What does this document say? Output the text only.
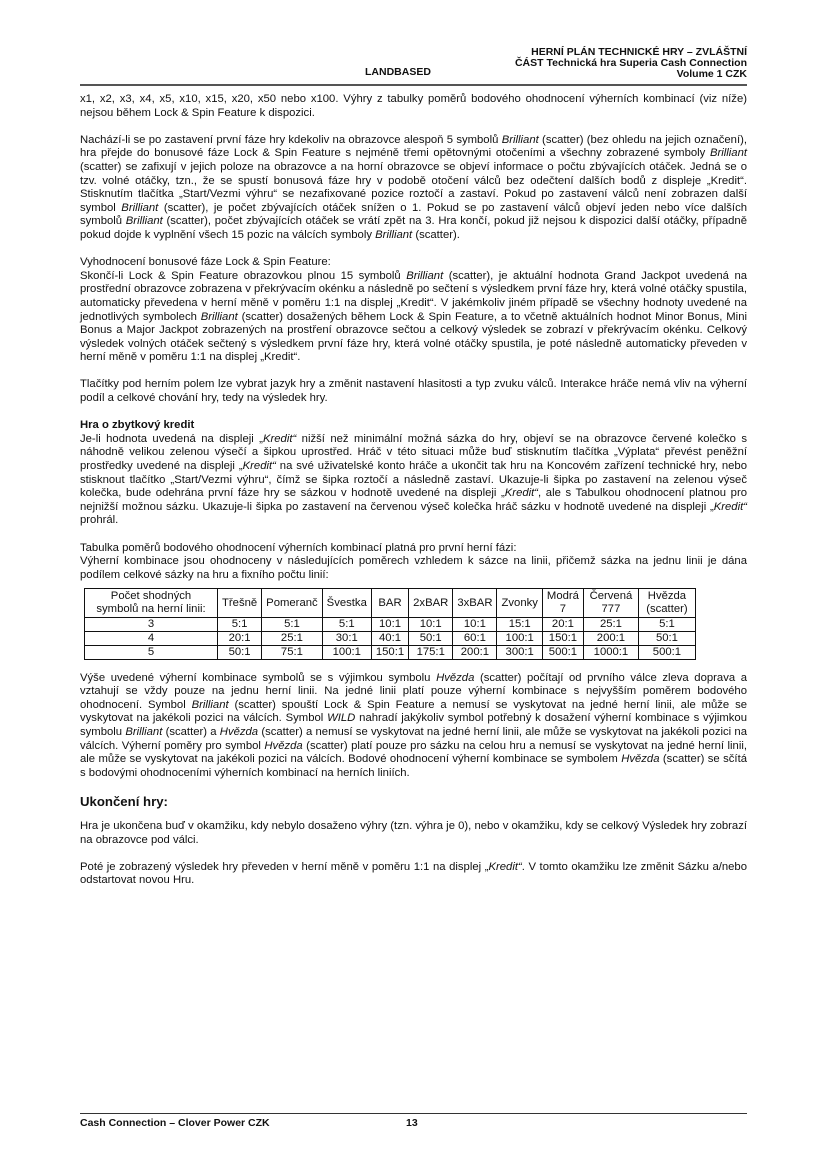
LANDBASED
HERNÍ PLÁN TECHNICKÉ HRY – ZVLÁŠTNÍ
ČÁST Technická hra Superia Cash Connection
Volume 1 CZK

x1, x2, x3, x4, x5, x10, x15, x20, x50 nebo x100. Výhry z tabulky poměrů bodového ohodnocení výherních kombinací (viz níže) nejsou během Lock & Spin Feature k dispozici.

Nachází-li se po zastavení první fáze hry kdekoliv na obrazovce alespoň 5 symbolů Brilliant (scatter) (bez ohledu na jejich označení), hra přejde do bonusové fáze Lock & Spin Feature s nejméně třemi opětovnými otočeními a všechny zobrazené symboly Brilliant (scatter) se zafixují v jejich poloze na obrazovce a na horní obrazovce se objeví informace o počtu zbývajících otáček. Jedná se o tzv. volné otáčky, tzn., že se spustí bonusová fáze hry v podobě otočení válců bez odečtení dalších bodů z displeje „Kredit“. Stisknutím tlačítka „Start/Vezmi výhru“ se nezafixované pozice roztočí a zastaví. Pokud po zastavení válců není zobrazen další symbol Brilliant (scatter), je počet zbývajících otáček snížen o 1. Pokud se po zastavení válců objeví jeden nebo více dalších symbolů Brilliant (scatter), počet zbývajících otáček se vrátí zpět na 3. Hra končí, pokud již nejsou k dispozici další otáčky, případně pokud dojde k vyplnění všech 15 pozic na válcích symboly Brilliant (scatter).

Vyhodnocení bonusové fáze Lock & Spin Feature:
Skončí-li Lock & Spin Feature obrazovkou plnou 15 symbolů Brilliant (scatter), je aktuální hodnota Grand Jackpot uvedená na prostřední obrazovce zobrazena v překrývacím okénku a následně po sečtení s výsledkem první fáze hry, která volné otáčky spustila, automaticky převedena v herní měně v poměru 1:1 na displej „Kredit“. V jakémkoliv jiném případě se všechny hodnoty uvedené na jednotlivých symbolech Brilliant (scatter) dosažených během Lock & Spin Feature, a to včetně aktuálních hodnot Minor Bonus, Mini Bonus a Major Jackpot zobrazených na prostření obrazovce sečtou a celkový výsledek se zobrazí v překrývacím okénku. Celkový výsledek volných otáček sečtený s výsledkem první fáze hry, která volné otáčky spustila, je poté následně automaticky převeden v herní měně v poměru 1:1 na displej „Kredit“.

Tlačítky pod herním polem lze vybrat jazyk hry a změnit nastavení hlasitosti a typ zvuku válců. Interakce hráče nemá vliv na výherní podíl a celkové chování hry, tedy na výsledek hry.

Hra o zbytkový kredit

Je-li hodnota uvedená na displeji „Kredit“ nižší než minimální možná sázka do hry, objeví se na obrazovce červené kolečko s náhodně velikou zelenou výsečí a šipkou uprostřed. Hráč v této situaci může buď stisknutím tlačítka „Výplata“ převést peněžní prostředky uvedené na displeji „Kredit“ na své uživatelské konto hráče a ukončit tak hru na Koncovém zařízení technické hry, nebo stisknout tlačítko „Start/Vezmi výhru“, čímž se šipka roztočí a následně zastaví. Ukazuje-li šipka po zastavení na zelenou výseč kolečka, bude odehrána první fáze hry se sázkou v hodnotě uvedené na displeji „Kredit“, ale s Tabulkou ohodnocení platnou pro nejnižší možnou sázku. Ukazuje-li šipka po zastavení na červenou výseč kolečka hráč sázku v hodnotě uvedené na displeji „Kredit“ prohrál.

Tabulka poměrů bodového ohodnocení výherních kombinací platná pro první herní fázi:
Výherní kombinace jsou ohodnoceny v následujících poměrech vzhledem k sázce na linii, přičemž sázka na jednu linii je dána podílem celkové sázky na hru a fixního počtu linií:

Počet shodných symbolů na herní linii:	Třešně	Pomeranč	Švestka	BAR	2xBAR	3xBAR	Zvonky	Modrá 7	Červená 777	Hvězda (scatter)
3	5:1	5:1	5:1	10:1	10:1	10:1	15:1	20:1	25:1	5:1
4	20:1	25:1	30:1	40:1	50:1	60:1	100:1	150:1	200:1	50:1
5	50:1	75:1	100:1	150:1	175:1	200:1	300:1	500:1	1000:1	500:1

Výše uvedené výherní kombinace symbolů se s výjimkou symbolu Hvězda (scatter) počítají od prvního válce zleva doprava a vztahují se vždy pouze na jednu herní linii. Na jedné linii platí pouze výherní kombinace s nejvyšším poměrem bodového ohodnocení. Symbol Brilliant (scatter) spouští Lock & Spin Feature a nemusí se vyskytovat na jedné herní linii, ale může se vyskytovat na jakékoli pozici na válcích. Symbol WILD nahradí jakýkoliv symbol potřebný k dosažení výherní kombinace s výjimkou symbolu Brilliant (scatter) a Hvězda (scatter) a nemusí se vyskytovat na jedné herní linii, ale může se vyskytovat na jakékoli pozici na válcích. Výherní poměry pro symbol Hvězda (scatter) platí pouze pro sázku na celou hru a nemusí se vyskytovat na jedné herní linii, ale může se vyskytovat na jakékoli pozici na válcích. Bodové ohodnocení výherní kombinace se symbolem Hvězda (scatter) se sčítá s bodovými ohodnoceními výherních kombinací na herních liniích.

Ukončení hry:

Hra je ukončena buď v okamžiku, kdy nebylo dosaženo výhry (tzn. výhra je 0), nebo v okamžiku, kdy se celkový Výsledek hry zobrazí na obrazovce pod válci.

Poté je zobrazený výsledek hry převeden v herní měně v poměru 1:1 na displej „Kredit“. V tomto okamžiku lze změnit Sázku a/nebo odstartovat novou Hru.

Cash Connection – Clover Power CZK	13
